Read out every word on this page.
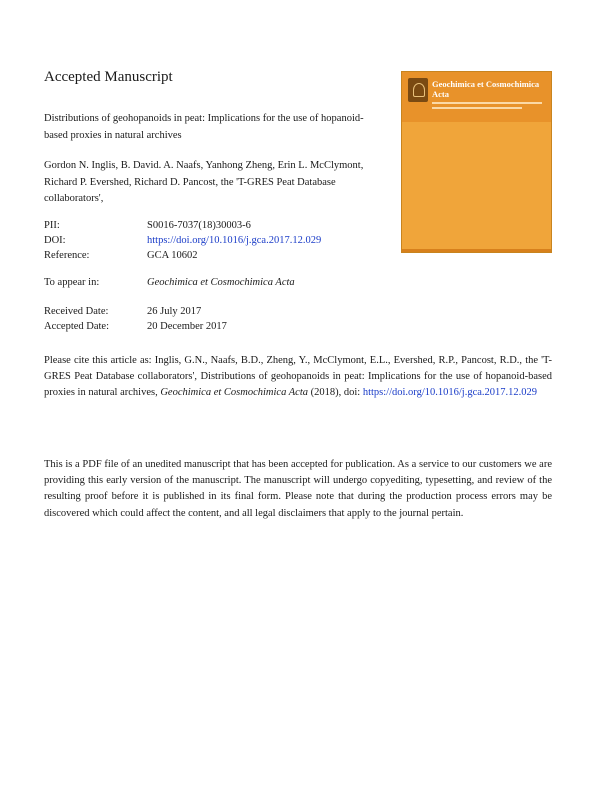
Accepted Manuscript
Distributions of geohopanoids in peat: Implications for the use of hopanoid-based proxies in natural archives
Gordon N. Inglis, B. David. A. Naafs, Yanhong Zheng, Erin L. McClymont, Richard P. Evershed, Richard D. Pancost, the 'T-GRES Peat Database collaborators',
PII:	S0016-7037(18)30003-6
DOI:	https://doi.org/10.1016/j.gca.2017.12.029
Reference:	GCA 10602
To appear in:	Geochimica et Cosmochimica Acta
Received Date:	26 July 2017
Accepted Date:	20 December 2017
Please cite this article as: Inglis, G.N., Naafs, B.D., Zheng, Y., McClymont, E.L., Evershed, R.P., Pancost, R.D., the 'T-GRES Peat Database collaborators', Distributions of geohopanoids in peat: Implications for the use of hopanoid-based proxies in natural archives, Geochimica et Cosmochimica Acta (2018), doi: https://doi.org/10.1016/j.gca.2017.12.029
This is a PDF file of an unedited manuscript that has been accepted for publication. As a service to our customers we are providing this early version of the manuscript. The manuscript will undergo copyediting, typesetting, and review of the resulting proof before it is published in its final form. Please note that during the production process errors may be discovered which could affect the content, and all legal disclaimers that apply to the journal pertain.
Geochimica et Cosmochimica Acta
